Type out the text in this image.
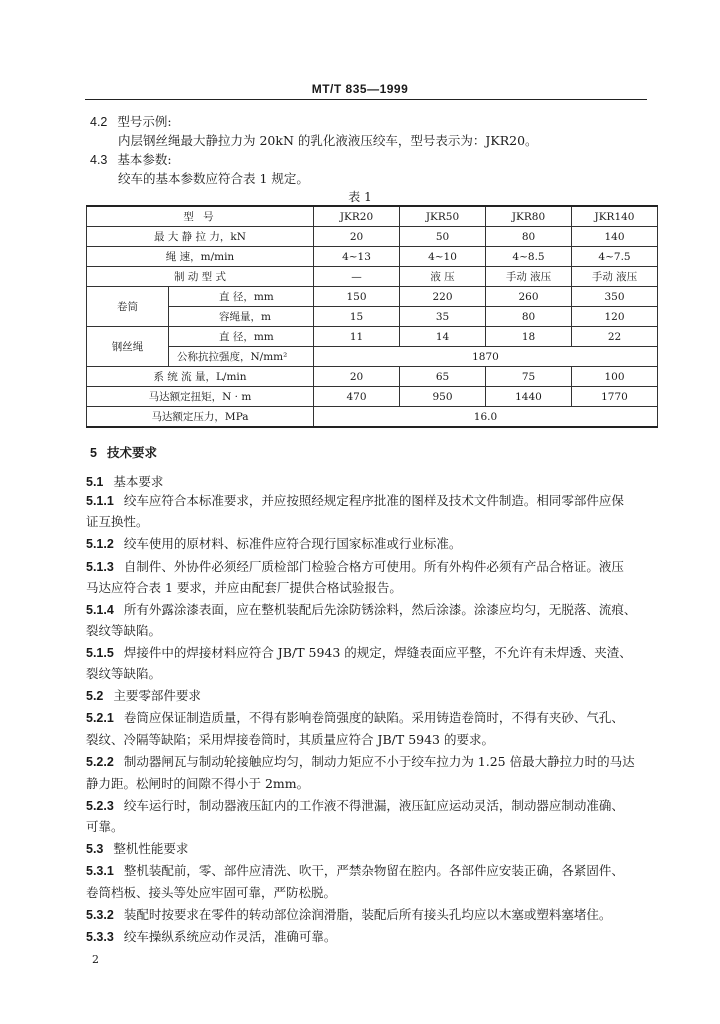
MT/T 835—1999
4.2 型号示例:
内层钢丝绳最大静拉力为 20kN 的乳化液液压绞车，型号表示为：JKR20。
4.3 基本参数:
绞车的基本参数应符合表 1 规定。
表 1
型 号		JKR20	JKR50	JKR80	JKR140
最 大 静 拉 力，kN		20	50	80	140
绳 速，m/min		4~13	4~10	4~8.5	4~7.5
制 动 型 式		—	液 压	手动 液压	手动 液压
卷筒	直 径，mm	150	220	260	350
	容绳量，m	15	35	80	120
钢丝绳	直 径，mm	11	14	18	22
	公称抗拉强度，N/mm²	1870			
系 统 流 量，L/min		20	65	75	100
马达额定扭矩，N · m		470	950	1440	1770
马达额定压力，MPa		16.0			
5 技术要求
5.1 基本要求
5.1.1 绞车应符合本标准要求，并应按照经规定程序批准的图样及技术文件制造。相同零部件应保
证互换性。
5.1.2 绞车使用的原材料、标准件应符合现行国家标准或行业标准。
5.1.3 自制件、外协件必须经厂质检部门检验合格方可使用。所有外构件必须有产品合格证。液压
马达应符合表 1 要求，并应由配套厂提供合格试验报告。
5.1.4 所有外露涂漆表面，应在整机装配后先涂防锈涂料，然后涂漆。涂漆应均匀，无脱落、流痕、
裂纹等缺陷。
5.1.5 焊接件中的焊接材料应符合 JB/T 5943 的规定，焊缝表面应平整，不允许有未焊透、夹渣、
裂纹等缺陷。
5.2 主要零部件要求
5.2.1 卷筒应保证制造质量，不得有影响卷筒强度的缺陷。采用铸造卷筒时，不得有夹砂、气孔、
裂纹、冷隔等缺陷；采用焊接卷筒时，其质量应符合 JB/T 5943 的要求。
5.2.2 制动器闸瓦与制动轮接触应均匀，制动力矩应不小于绞车拉力为 1.25 倍最大静拉力时的马达
静力距。松闸时的间隙不得小于 2mm。
5.2.3 绞车运行时，制动器液压缸内的工作液不得泄漏，液压缸应运动灵活，制动器应制动准确、
可靠。
5.3 整机性能要求
5.3.1 整机装配前，零、部件应清洗、吹干，严禁杂物留在腔内。各部件应安装正确，各紧固件、
卷筒档板、接头等处应牢固可靠，严防松脱。
5.3.2 装配时按要求在零件的转动部位涂润滑脂，装配后所有接头孔均应以木塞或塑料塞堵住。
5.3.3 绞车操纵系统应动作灵活，准确可靠。
2
